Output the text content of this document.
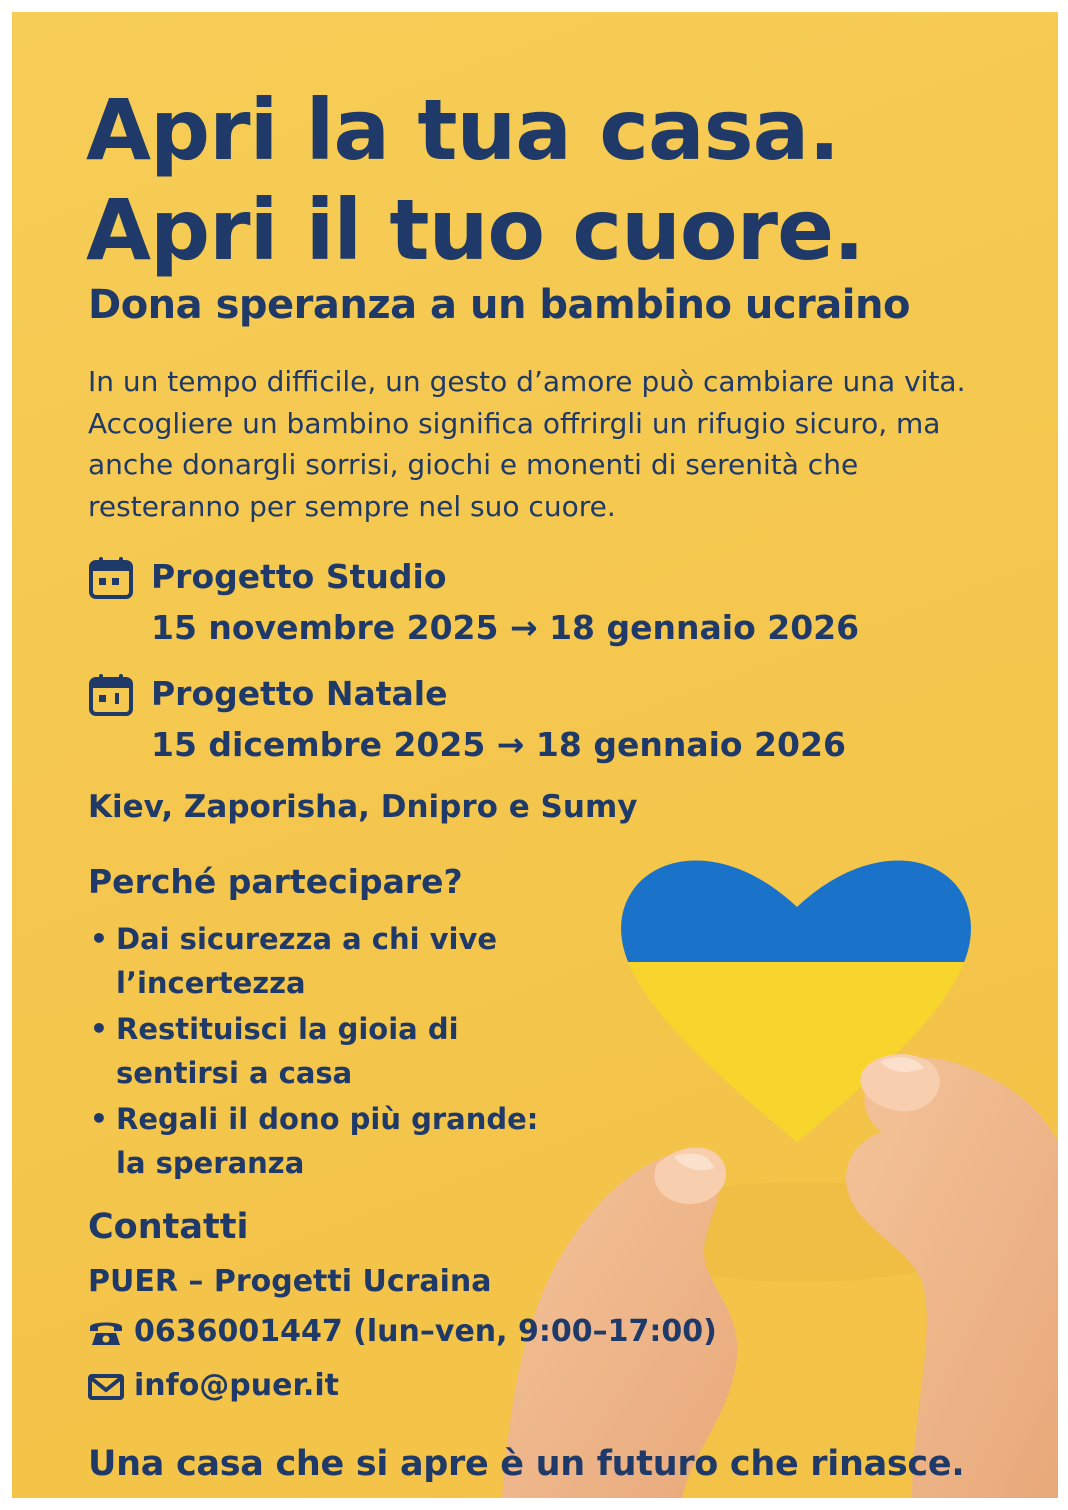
Apri la tua casa.
Apri il tuo cuore.
Dona speranza a un bambino ucraino
In un tempo difficile, un gesto d’amore può cambiare una vita. Accogliere un bambino significa offrirgli un rifugio sicuro, ma anche donargli sorrisi, giochi e monenti di serenità che resteranno per sempre nel suo cuore.
Progetto Studio
15 novembre 2025 → 18 gennaio 2026
Progetto Natale
15 dicembre 2025 → 18 gennaio 2026
Kiev, Zaporisha, Dnipro e Sumy
Perché partecipare?
• Dai sicurezza a chi vive l’incertezza
• Restituisci la gioia di sentirsi a casa
• Regali il dono più grande: la speranza
Contatti
PUER – Progetti Ucraina
0636001447 (lun–ven, 9:00–17:00)
info@puer.it
Una casa che si apre è un futuro che rinasce.
